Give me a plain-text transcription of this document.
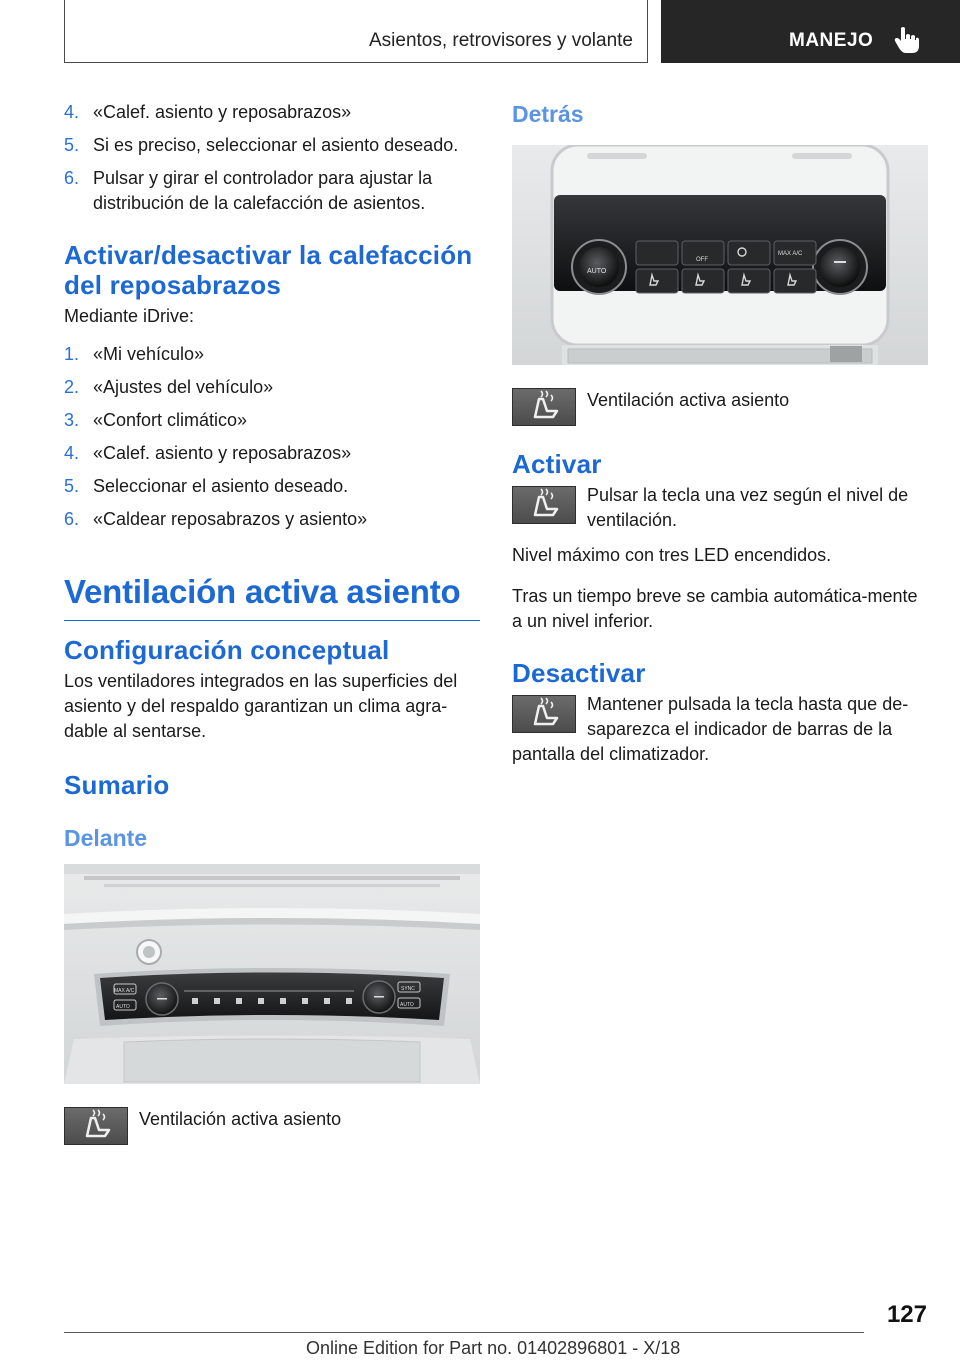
Asientos, retrovisores y volante	MANEJO
4. «Calef. asiento y reposabrazos»
5. Si es preciso, seleccionar el asiento deseado.
6. Pulsar y girar el controlador para ajustar la distribución de la calefacción de asientos.
Activar/desactivar la calefacción del reposabrazos

Mediante iDrive:

1. «Mi vehículo»
2. «Ajustes del vehículo»
3. «Confort climático»
4. «Calef. asiento y reposabrazos»
5. Seleccionar el asiento deseado.
6. «Caldear reposabrazos y asiento»
Ventilación activa asiento
Configuración conceptual

Los ventiladores integrados en las superficies del asiento y del respaldo garantizan un clima agra‐dable al sentarse.

Sumario
Delante
MAX A/C	SYNC
AUTO	AUTO
Ventilación activa asiento
Detrás
AUTO
OFF
MAX A/C
Ventilación activa asiento
Activar
Pulsar la tecla una vez según el nivel de ventilación.

Nivel máximo con tres LED encendidos.

Tras un tiempo breve se cambia automática‐mente a un nivel inferior.

Desactivar
Mantener pulsada la tecla hasta que de‐saparezca el indicador de barras de la pantalla del climatizador.
127
Online Edition for Part no. 01402896801 - X/18
